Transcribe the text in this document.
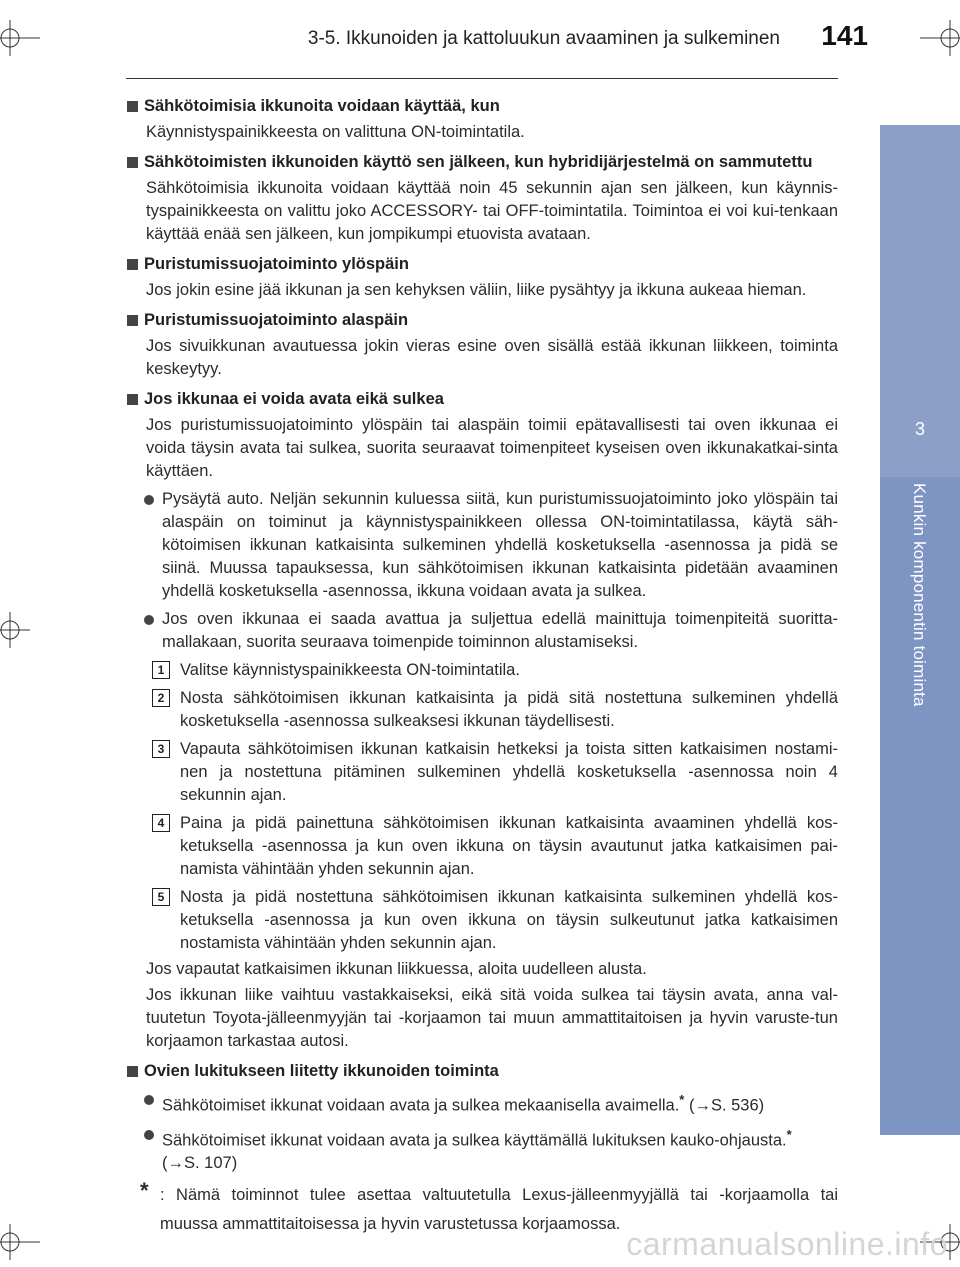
3-5. Ikkunoiden ja kattoluukun avaaminen ja sulkeminen	141
3
Kunkin komponentin toiminta
Sähkötoimisia ikkunoita voidaan käyttää, kun
Käynnistyspainikkeesta on valittuna ON-toimintatila.
Sähkötoimisten ikkunoiden käyttö sen jälkeen, kun hybridijärjestelmä on sammutettu
Sähkötoimisia ikkunoita voidaan käyttää noin 45 sekunnin ajan sen jälkeen, kun käynnis-tyspainikkeesta on valittu joko ACCESSORY- tai OFF-toimintatila. Toimintoa ei voi kui-tenkaan käyttää enää sen jälkeen, kun jompikumpi etuovista avataan.
Puristumissuojatoiminto ylöspäin
Jos jokin esine jää ikkunan ja sen kehyksen väliin, liike pysähtyy ja ikkuna aukeaa hieman.
Puristumissuojatoiminto alaspäin
Jos sivuikkunan avautuessa jokin vieras esine oven sisällä estää ikkunan liikkeen, toiminta keskeytyy.
Jos ikkunaa ei voida avata eikä sulkea
Jos puristumissuojatoiminto ylöspäin tai alaspäin toimii epätavallisesti tai oven ikkunaa ei voida täysin avata tai sulkea, suorita seuraavat toimenpiteet kyseisen oven ikkunakatkai-sinta käyttäen.
Pysäytä auto. Neljän sekunnin kuluessa siitä, kun puristumissuojatoiminto joko ylöspäin tai alaspäin on toiminut ja käynnistyspainikkeen ollessa ON-toimintatilassa, käytä säh-kötoimisen ikkunan katkaisinta sulkeminen yhdellä kosketuksella -asennossa ja pidä se siinä. Muussa tapauksessa, kun sähkötoimisen ikkunan katkaisinta pidetään avaaminen yhdellä kosketuksella -asennossa, ikkuna voidaan avata ja sulkea.
Jos oven ikkunaa ei saada avattua ja suljettua edellä mainittuja toimenpiteitä suoritta-mallakaan, suorita seuraava toimenpide toiminnon alustamiseksi.
1 Valitse käynnistyspainikkeesta ON-toimintatila.
2 Nosta sähkötoimisen ikkunan katkaisinta ja pidä sitä nostettuna sulkeminen yhdellä kosketuksella -asennossa sulkeaksesi ikkunan täydellisesti.
3 Vapauta sähkötoimisen ikkunan katkaisin hetkeksi ja toista sitten katkaisimen nostami-nen ja nostettuna pitäminen sulkeminen yhdellä kosketuksella -asennossa noin 4 sekunnin ajan.
4 Paina ja pidä painettuna sähkötoimisen ikkunan katkaisinta avaaminen yhdellä kos-ketuksella -asennossa ja kun oven ikkuna on täysin avautunut jatka katkaisimen pai-namista vähintään yhden sekunnin ajan.
5 Nosta ja pidä nostettuna sähkötoimisen ikkunan katkaisinta sulkeminen yhdellä kos-ketuksella -asennossa ja kun oven ikkuna on täysin sulkeutunut jatka katkaisimen nostamista vähintään yhden sekunnin ajan.
Jos vapautat katkaisimen ikkunan liikkuessa, aloita uudelleen alusta.
Jos ikkunan liike vaihtuu vastakkaiseksi, eikä sitä voida sulkea tai täysin avata, anna val-tuutetun Toyota-jälleenmyyjän tai -korjaamon tai muun ammattitaitoisen ja hyvin varuste-tun korjaamon tarkastaa autosi.
Ovien lukitukseen liitetty ikkunoiden toiminta
Sähkötoimiset ikkunat voidaan avata ja sulkea mekaanisella avaimella.* (→S. 536)
Sähkötoimiset ikkunat voidaan avata ja sulkea käyttämällä lukituksen kauko-ohjausta.*
(→S. 107)
* : Nämä toiminnot tulee asettaa valtuutetulla Lexus-jälleenmyyjällä tai -korjaamolla tai muussa ammattitaitoisessa ja hyvin varustetussa korjaamossa.
carmanualsonline.info
